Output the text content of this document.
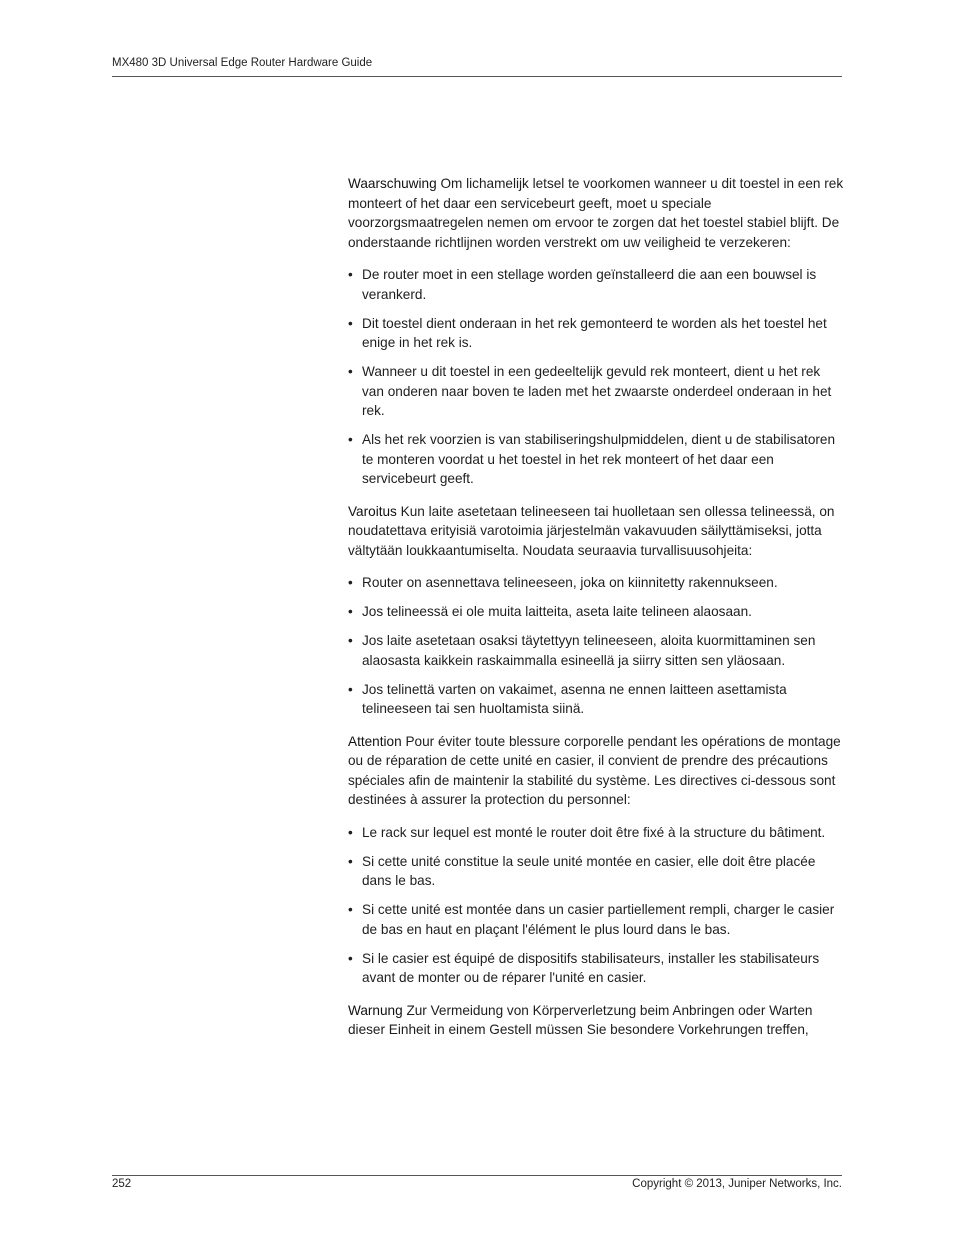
MX480 3D Universal Edge Router Hardware Guide

Waarschuwing Om lichamelijk letsel te voorkomen wanneer u dit toestel in een rek monteert of het daar een servicebeurt geeft, moet u speciale voorzorgsmaatregelen nemen om ervoor te zorgen dat het toestel stabiel blijft. De onderstaande richtlijnen worden verstrekt om uw veiligheid te verzekeren:

• De router moet in een stellage worden geïnstalleerd die aan een bouwsel is verankerd.
• Dit toestel dient onderaan in het rek gemonteerd te worden als het toestel het enige in het rek is.
• Wanneer u dit toestel in een gedeeltelijk gevuld rek monteert, dient u het rek van onderen naar boven te laden met het zwaarste onderdeel onderaan in het rek.
• Als het rek voorzien is van stabiliseringshulpmiddelen, dient u de stabilisatoren te monteren voordat u het toestel in het rek monteert of het daar een servicebeurt geeft.

Varoitus Kun laite asetetaan telineeseen tai huolletaan sen ollessa telineessä, on noudatettava erityisiä varotoimia järjestelmän vakavuuden säilyttämiseksi, jotta vältytään loukkaantumiselta. Noudata seuraavia turvallisuusohjeita:

• Router on asennettava telineeseen, joka on kiinnitetty rakennukseen.
• Jos telineessä ei ole muita laitteita, aseta laite telineen alaosaan.
• Jos laite asetetaan osaksi täytettyyn telineeseen, aloita kuormittaminen sen alaosasta kaikkein raskaimmalla esineellä ja siirry sitten sen yläosaan.
• Jos telinettä varten on vakaimet, asenna ne ennen laitteen asettamista telineeseen tai sen huoltamista siinä.

Attention Pour éviter toute blessure corporelle pendant les opérations de montage ou de réparation de cette unité en casier, il convient de prendre des précautions spéciales afin de maintenir la stabilité du système. Les directives ci-dessous sont destinées à assurer la protection du personnel:

• Le rack sur lequel est monté le router doit être fixé à la structure du bâtiment.
• Si cette unité constitue la seule unité montée en casier, elle doit être placée dans le bas.
• Si cette unité est montée dans un casier partiellement rempli, charger le casier de bas en haut en plaçant l'élément le plus lourd dans le bas.
• Si le casier est équipé de dispositifs stabilisateurs, installer les stabilisateurs avant de monter ou de réparer l'unité en casier.

Warnung Zur Vermeidung von Körperverletzung beim Anbringen oder Warten dieser Einheit in einem Gestell müssen Sie besondere Vorkehrungen treffen,

252	Copyright © 2013, Juniper Networks, Inc.
